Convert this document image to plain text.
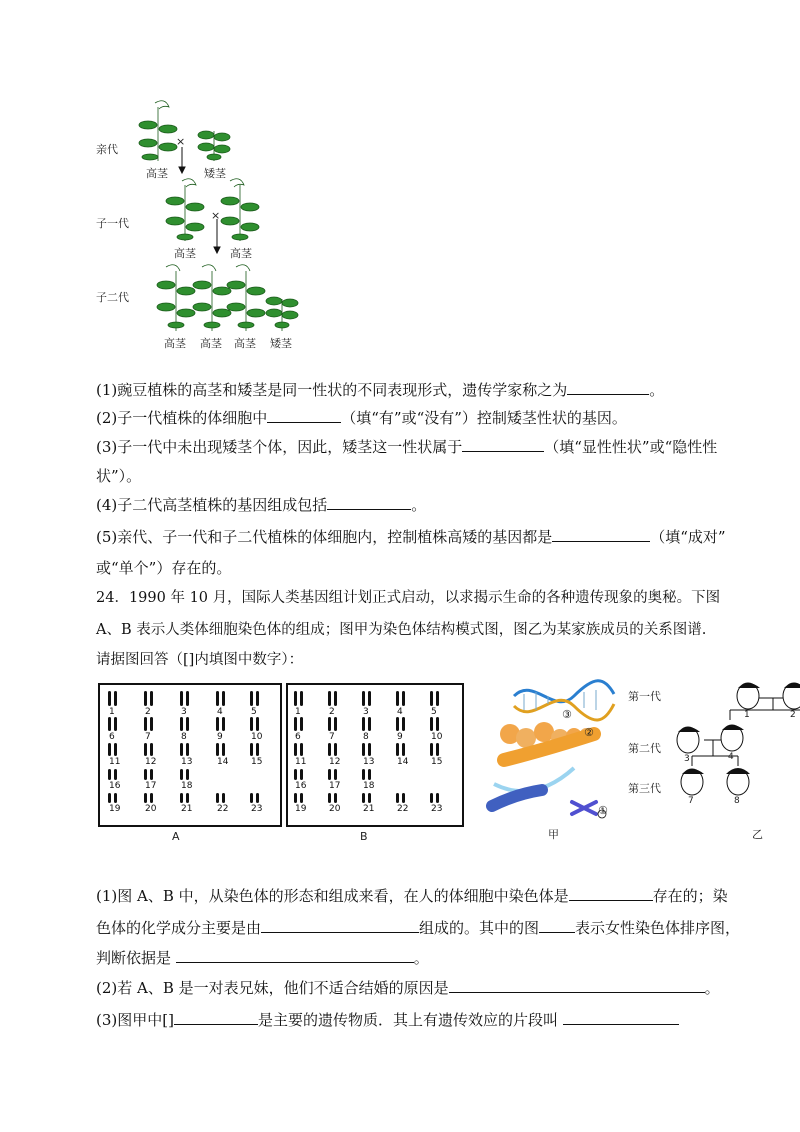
亲代
子一代
子二代
×
×
高茎	矮茎
高茎	高茎
高茎 高茎 高茎 矮茎
(1)豌豆植株的高茎和矮茎是同一性状的不同表现形式，遗传学家称之为	。
(2)子一代植株的体细胞中	（填“有”或“没有”）控制矮茎性状的基因。
(3)子一代中未出现矮茎个体，因此，矮茎这一性状属于	（填“显性性状”或“隐性性
状”）。
(4)子二代高茎植株的基因组成包括	。
(5)亲代、子一代和子二代植株的体细胞内，控制植株高矮的基因都是	（填“成对”
或“单个”）存在的。
24．1990 年 10 月，国际人类基因组计划正式启动，以求揭示生命的各种遗传现象的奥秘。下图
A、B 表示人类体细胞染色体的组成；图甲为染色体结构模式图，图乙为某家族成员的关系图谱.
请据图回答（[]内填图中数字）：
1	2	3	4	5
6	7	8	9	10
11	12	13	14	15
16	17	18
19	20	21	22	23
A
1	2	3	4	5
6	7	8	9	10
11	12	13	14	15
16	17	18
19	20	21	22	23
B
③
②
①
甲
第一代
第二代
第三代
1	2
3	4
7	8
乙
(1)图 A、B 中，从染色体的形态和组成来看，在人的体细胞中染色体是	存在的；染
色体的化学成分主要是由	组成的。其中的图 表示女性染色体排序图，
判断依据是	。
(2)若 A、B 是一对表兄妹，他们不适合结婚的原因是	。
(3)图甲中[]	是主要的遗传物质．其上有遗传效应的片段叫
